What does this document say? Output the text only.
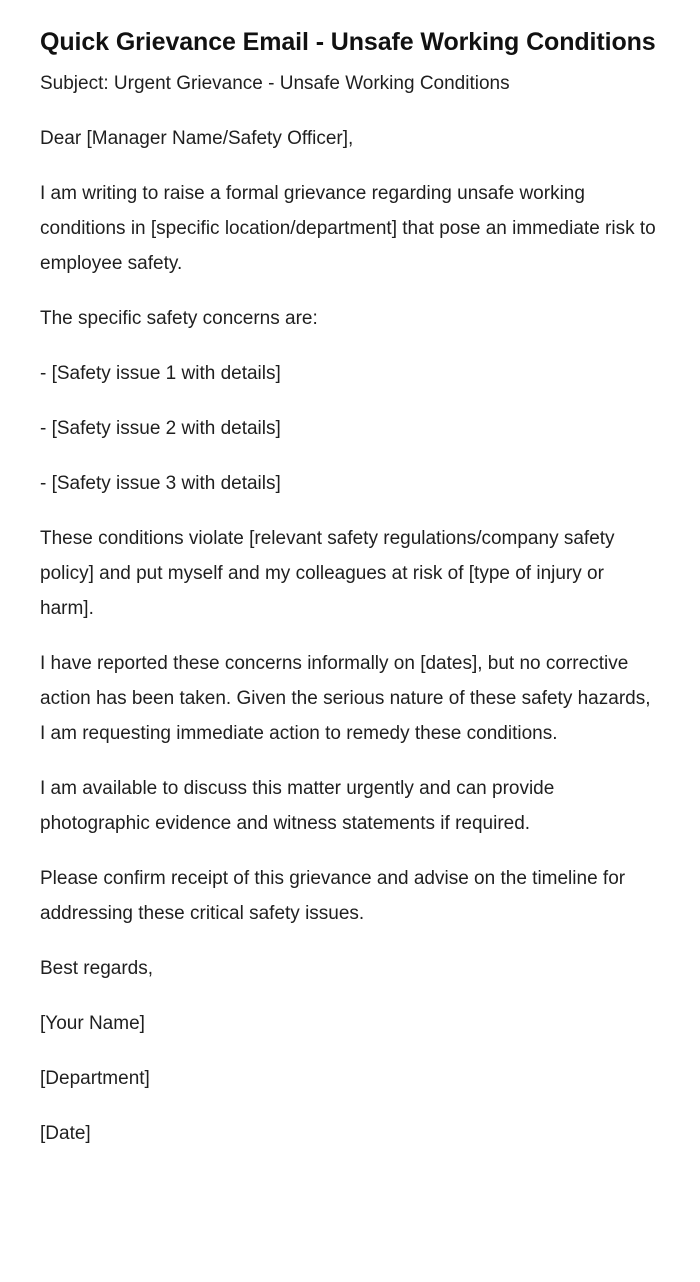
Quick Grievance Email - Unsafe Working Conditions

Subject: Urgent Grievance - Unsafe Working Conditions

Dear [Manager Name/Safety Officer],

I am writing to raise a formal grievance regarding unsafe working conditions in [specific location/department] that pose an immediate risk to employee safety.

The specific safety concerns are:

- [Safety issue 1 with details]

- [Safety issue 2 with details]

- [Safety issue 3 with details]

These conditions violate [relevant safety regulations/company safety policy] and put myself and my colleagues at risk of [type of injury or harm].

I have reported these concerns informally on [dates], but no corrective action has been taken. Given the serious nature of these safety hazards, I am requesting immediate action to remedy these conditions.

I am available to discuss this matter urgently and can provide photographic evidence and witness statements if required.

Please confirm receipt of this grievance and advise on the timeline for addressing these critical safety issues.

Best regards,

[Your Name]

[Department]

[Date]
